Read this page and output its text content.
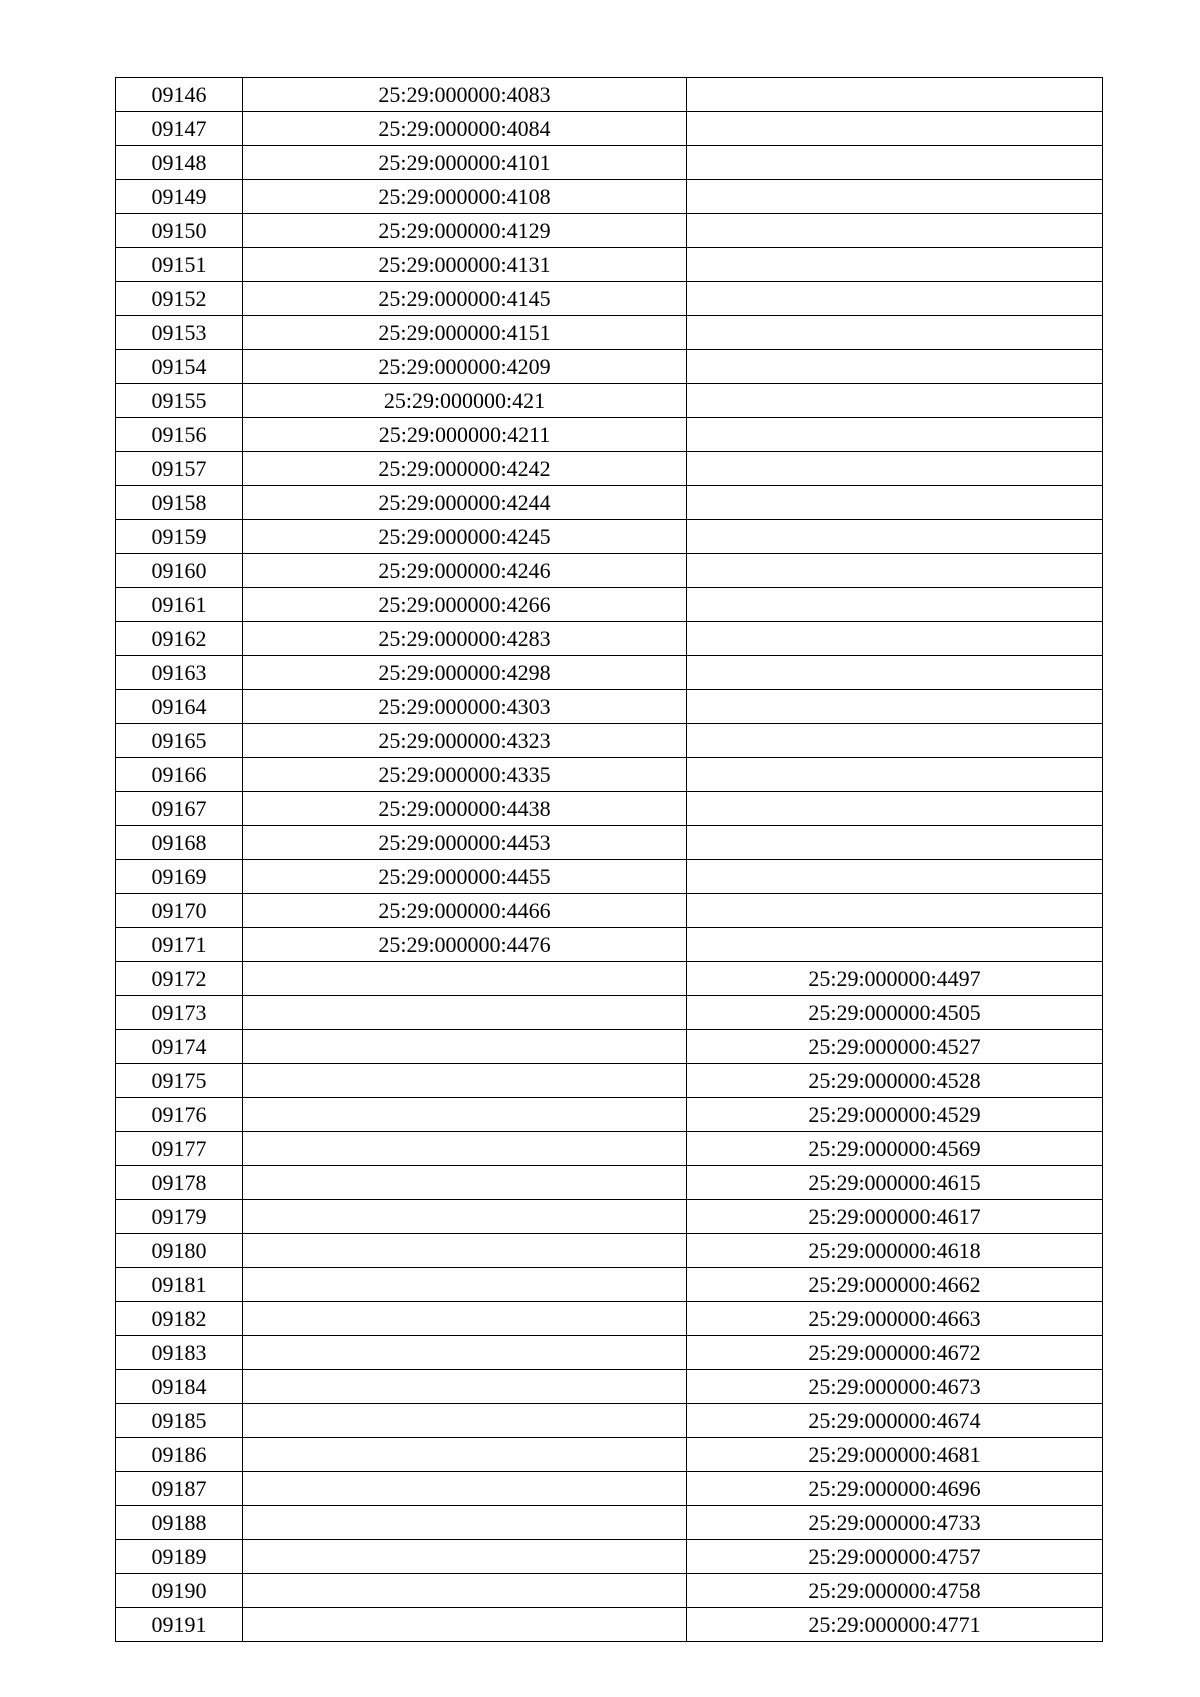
09146	25:29:000000:4083	
09147	25:29:000000:4084	
09148	25:29:000000:4101	
09149	25:29:000000:4108	
09150	25:29:000000:4129	
09151	25:29:000000:4131	
09152	25:29:000000:4145	
09153	25:29:000000:4151	
09154	25:29:000000:4209	
09155	25:29:000000:421	
09156	25:29:000000:4211	
09157	25:29:000000:4242	
09158	25:29:000000:4244	
09159	25:29:000000:4245	
09160	25:29:000000:4246	
09161	25:29:000000:4266	
09162	25:29:000000:4283	
09163	25:29:000000:4298	
09164	25:29:000000:4303	
09165	25:29:000000:4323	
09166	25:29:000000:4335	
09167	25:29:000000:4438	
09168	25:29:000000:4453	
09169	25:29:000000:4455	
09170	25:29:000000:4466	
09171	25:29:000000:4476	
09172		25:29:000000:4497
09173		25:29:000000:4505
09174		25:29:000000:4527
09175		25:29:000000:4528
09176		25:29:000000:4529
09177		25:29:000000:4569
09178		25:29:000000:4615
09179		25:29:000000:4617
09180		25:29:000000:4618
09181		25:29:000000:4662
09182		25:29:000000:4663
09183		25:29:000000:4672
09184		25:29:000000:4673
09185		25:29:000000:4674
09186		25:29:000000:4681
09187		25:29:000000:4696
09188		25:29:000000:4733
09189		25:29:000000:4757
09190		25:29:000000:4758
09191		25:29:000000:4771
